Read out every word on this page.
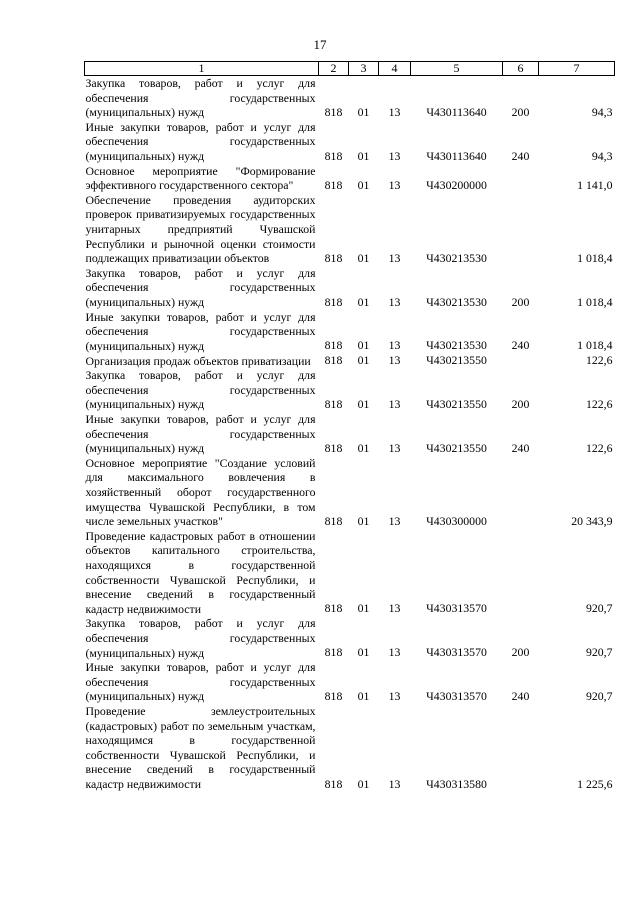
17
1	2	3	4	5	6	7
Закупка товаров, работ и услуг для обеспечения государственных (муниципальных) нужд	818	01	13	Ч430113640	200	94,3
Иные закупки товаров, работ и услуг для обеспечения государственных (муниципальных) нужд	818	01	13	Ч430113640	240	94,3
Основное мероприятие "Формирование эффективного государственного сектора"	818	01	13	Ч430200000		1 141,0
Обеспечение проведения аудиторских проверок приватизируемых государственных унитарных предприятий Чувашской Республики и рыночной оценки стоимости подлежащих приватизации объектов	818	01	13	Ч430213530		1 018,4
Закупка товаров, работ и услуг для обеспечения государственных (муниципальных) нужд	818	01	13	Ч430213530	200	1 018,4
Иные закупки товаров, работ и услуг для обеспечения государственных (муниципальных) нужд	818	01	13	Ч430213530	240	1 018,4
Организация продаж объектов приватизации	818	01	13	Ч430213550		122,6
Закупка товаров, работ и услуг для обеспечения государственных (муниципальных) нужд	818	01	13	Ч430213550	200	122,6
Иные закупки товаров, работ и услуг для обеспечения государственных (муниципальных) нужд	818	01	13	Ч430213550	240	122,6
Основное мероприятие "Создание условий для максимального вовлечения в хозяйственный оборот государственного имущества Чувашской Республики, в том числе земельных участков"	818	01	13	Ч430300000		20 343,9
Проведение кадастровых работ в отношении объектов капитального строительства, находящихся в государственной собственности Чувашской Республики, и внесение сведений в государственный кадастр недвижимости	818	01	13	Ч430313570		920,7
Закупка товаров, работ и услуг для обеспечения государственных (муниципальных) нужд	818	01	13	Ч430313570	200	920,7
Иные закупки товаров, работ и услуг для обеспечения государственных (муниципальных) нужд	818	01	13	Ч430313570	240	920,7
Проведение землеустроительных (кадастровых) работ по земельным участкам, находящимся в государственной собственности Чувашской Республики, и внесение сведений в государственный кадастр недвижимости	818	01	13	Ч430313580		1 225,6
